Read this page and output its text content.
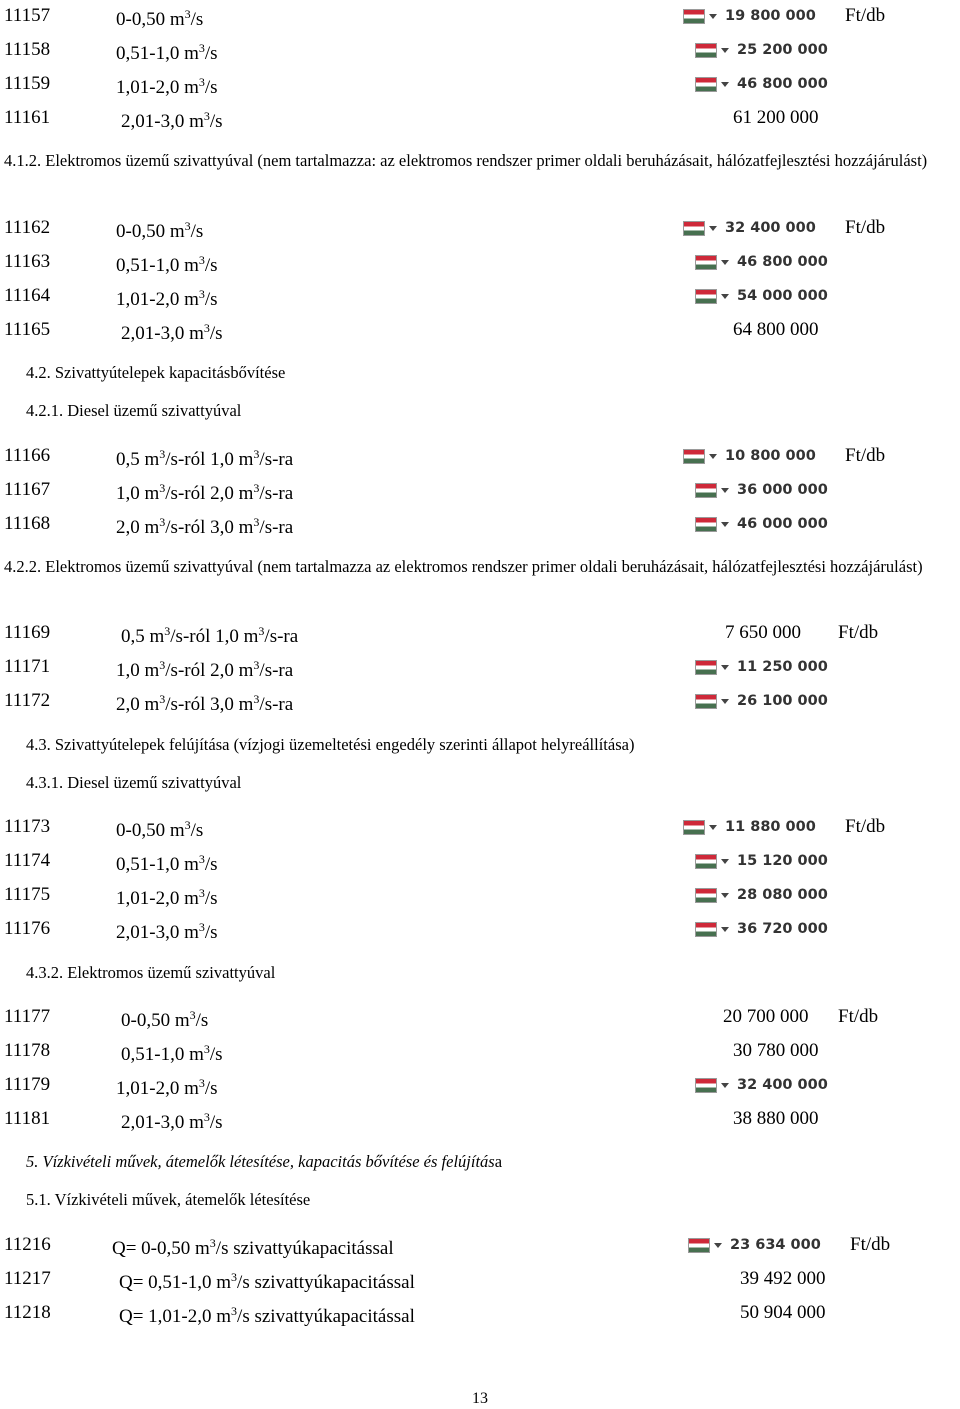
11157	0-0,50 $m^3/s$	19 800 000 Ft/db
11158	0,51-1,0 $m^3/s$	25 200 000
11159	1,01-2,0 $m^3/s$	46 800 000
11161	2,01-3,0 $m^3/s$	61 200 000
11162	0-0,50 $m^3/s$	32 400 000 Ft/db
11163	0,51-1,0 $m^3/s$	46 800 000
11164	1,01-2,0 $m^3/s$	54 000 000
11165	2,01-3,0 $m^3/s$	64 800 000
11166	0,5 $m^3/s$-ról 1,0 $m^3/s-ra$	10 800 000 Ft/db
11167	1,0 $m^3/s$-ról 2,0 $m^3/s-ra$	36 000 000
11168	2,0 $m^3/s$-ról 3,0 $m^3/s-ra$	46 000 000
11169	0,5 $m^3/s$-ról 1,0 $m^3/s-ra$	7 650 000 Ft/db
11171	1,0 $m^3/s$-ról 2,0 $m^3/s-ra$	11 250 000
11172	2,0 $m^3/s$-ról 3,0 $m^3/s-ra$	26 100 000
11173	0-0,50 $m^3/s$	11 880 000 Ft/db
11174	0,51-1,0 $m^3/s$	15 120 000
11175	1,01-2,0 $m^3/s$	28 080 000
11176	2,01-3,0 $m^3/s$	36 720 000
11177	0-0,50 $m^3/s$	20 700 000 Ft/db
11178	0,51-1,0 $m^3/s$	30 780 000
11179	1,01-2,0 $m^3/s$	32 400 000
11181	2,01-3,0 $m^3/s$	38 880 000
11216	Q= 0-0,50 $m^3/s$ szivattyúkapacitással	23 634 000 Ft/db
11217	Q= 0,51-1,0 $m^3/s$ szivattyúkapacitással	39 492 000
11218	Q= 1,01-2,0 $m^3/s$ szivattyúkapacitással	50 904 000
4.1.2. Elektromos üzemű szivattyúval (nem tartalmazza: az elektromos rendszer primer oldali beruházásait, hálózatfejlesztési hozzájárulást)
4.2. Szivattyútelepek kapacitásbővítése
4.2.1. Diesel üzemű szivattyúval
4.2.2. Elektromos üzemű szivattyúval (nem tartalmazza az elektromos rendszer primer oldali beruházásait, hálózatfejlesztési hozzájárulást)
4.3. Szivattyútelepek felújítása (vízjogi üzemeltetési engedély szerinti állapot helyreállítása)
4.3.1. Diesel üzemű szivattyúval
4.3.2. Elektromos üzemű szivattyúval
5. Vízkivételi művek, átemelők létesítése, kapacitás bővítése és felújítása
5.1. Vízkivételi művek, átemelők létesítése
13
